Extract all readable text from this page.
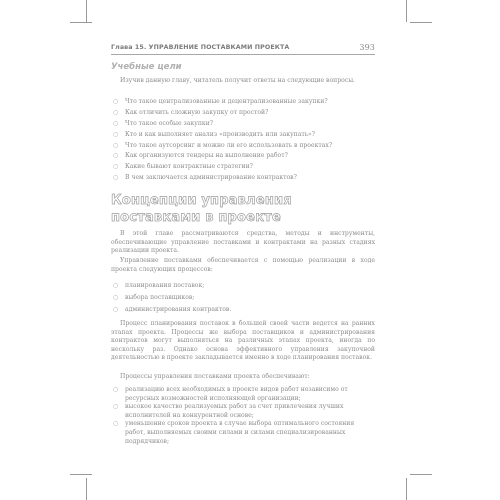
Глава 15. УПРАВЛЕНИЕ ПОСТАВКАМИ ПРОЕКТА	393
Учебные цели

Изучив данную главу, читатель получит ответы на следующие вопросы.

○ Что такое централизованные и децентрализованные закупки?
○ Как отличить сложную закупку от простой?
○ Что такое особые закупки?
○ Кто и как выполняет анализ «производить или закупать»?
○ Что такое аутсорсинг и можно ли его использовать в проектах?
○ Как организуются тендеры на выполнение работ?
○ Какие бывают контрактные стратегии?
○ В чем заключается администрирование контрактов?
Концепции управления
поставками в проекте

В этой главе рассматриваются средства, методы и инструменты, обеспечивающие управление поставками и контрактами на разных стадиях реализации проекта.

Управление поставками обеспечивается с помощью реализации в ходе проекта следующих процессов:

○ планирования поставок;
○ выбора поставщиков;
○ администрирования контрактов.

Процесс планирования поставок в большей своей части ведется на ранних этапах проекта. Процессы же выбора поставщиков и администрирования контрактов могут выполняться на различных этапах проекта, иногда по нескольку раз. Однако основа эффективного управления закупочной деятельностью в проекте закладывается именно в ходе планирования поставок.

Процессы управления поставками проекта обеспечивают:

○ реализацию всех необходимых в проекте видов работ независимо от ресурсных возможностей исполняющей организации;
○ высокое качество реализуемых работ за счет привлечения лучших исполнителей на конкурентной основе;
○ уменьшение сроков проекта в случае выбора оптимального состояния работ, выполняемых своими силами и силами специализированных подрядчиков;
